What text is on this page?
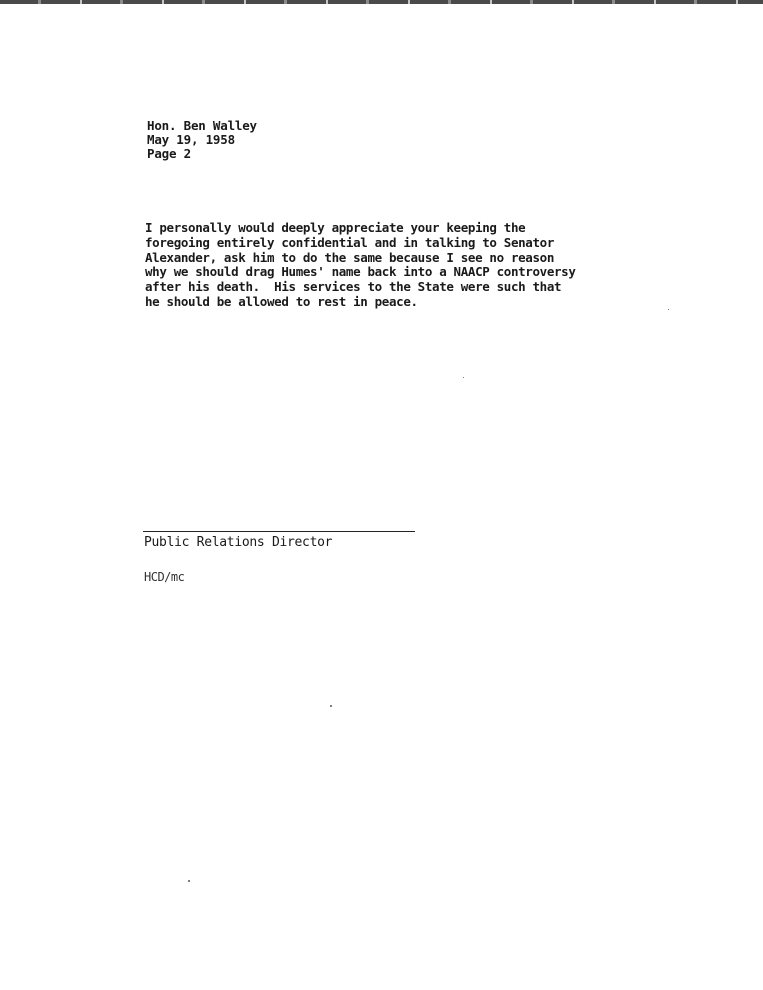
Hon. Ben Walley
May 19, 1958
Page 2
I personally would deeply appreciate your keeping the
foregoing entirely confidential and in talking to Senator
Alexander, ask him to do the same because I see no reason
why we should drag Humes' name back into a NAACP controversy
after his death.  His services to the State were such that
he should be allowed to rest in peace.
Public Relations Director
HCD/mc
